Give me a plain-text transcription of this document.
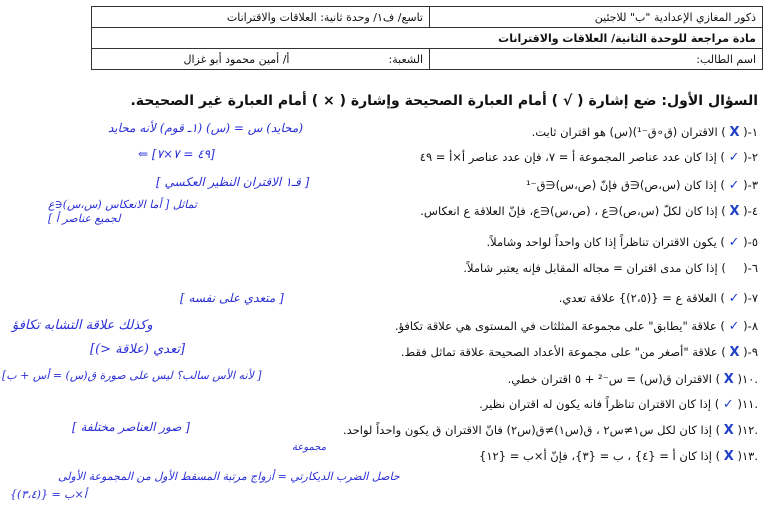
ذكور المغازي الإعدادية "ب" للاجئين	تاسع/ ف١/ وحدة ثانية: العلاقات والاقترانات
مادة مراجعة للوحدة الثانية/ العلاقات والاقترانات	
اسم الطالب:	الشعبة: أ/ أمين محمود أبو غزال
السؤال الأول: ضع إشارة ( √ ) أمام العبارة الصحيحة وإشارة ( × ) أمام العبارة غير الصحيحة.
١-( X ) الاقتران (ق∘ق⁻¹)(س) هو اقتران ثابت.
٢-( ✓ ) إذا كان عدد عناصر المجموعة أ = ٧، فإن عدد عناصر أ×أ = ٤٩
٣-( ✓ ) إذا كان (س،ص)∈ق فإنّ (ص،س)∈ق⁻¹
٤-( X ) إذا كان لكلّ (س،ص)∈ع ، (ص،س)∈ع، فإنّ العلاقة ع انعكاس.
٥-( ✓ ) يكون الاقتران تناظراً إذا كان واحداً لواحد وشاملاً.
٦-(  ) إذا كان مدى اقتران = مجاله المقابل فإنه يعتبر شاملاً.
٧-( ✓ ) العلاقة ع = {(٢،٥)} علاقة تعدي.
٨-( ✓ ) علاقة "يطابق" على مجموعة المثلثات في المستوى هي علاقة تكافؤ.
٩-( X ) علاقة "أصغر من" على مجموعة الأعداد الصحيحة علاقة تماثل فقط.
.١٠( X ) الاقتران ق(س) = س⁻² + ٥ اقتران خطي.
.١١( ✓ ) إذا كان الاقتران تناظراً فانه يكون له اقتران نظير.
.١٢( X ) إذا كان لكل س١≠س٢ ، ق(س١)≠ق(س٢) فانّ الاقتران ق يكون واحداً لواحد.
.١٣( X ) إذا كان أ = {٤} ، ب = {٣}، فإنّ أ×ب = {١٢}
(محايد) س = (س) (١ـ قوم) لأنه محايد
[٤٩ = ٧×٧] ⇐
[ قـ١ الاقتران النظير العكسي ]
تماثل [ أما الانعكاس (س،س)∈ع
لجميع عناصر أ ]
[ متعدي على نفسه ]
وكذلك علاقة التشابه تكافؤ
[تعدي (علاقة <)]
[ لأنه الأس سالب؟ ليس على صورة ق(س) = أس + ب]
[ صور العناصر مختلفة ]
مجموعة
حاصل الضرب الديكارتي = أزواج مرتبة المسقط الأول من المجموعة الأولى
أ×ب = {(٣،٤)}
